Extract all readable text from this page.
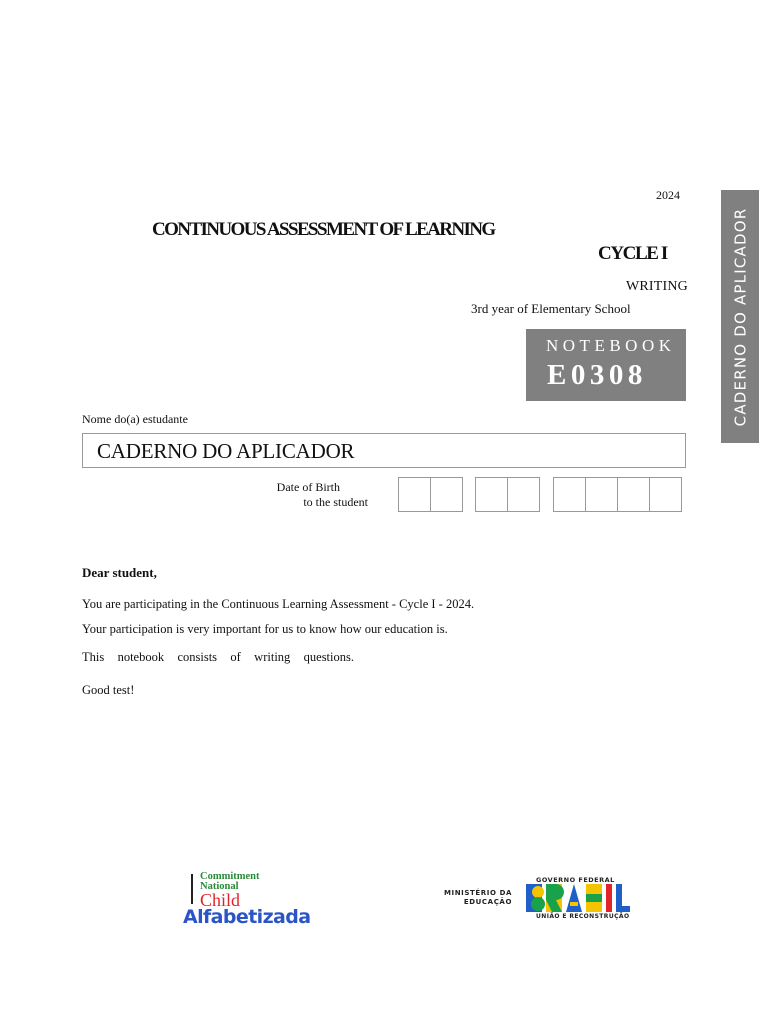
2024
CONTINUOUS ASSESSMENT OF LEARNING
CYCLE I
WRITING
3rd year of Elementary School
NOTEBOOK
E0308	CADERNO DO APLICADOR
Nome do(a) estudante
CADERNO DO APLICADOR
Date of Birth
to the student
Dear student,
You are participating in the Continuous Learning Assessment - Cycle I - 2024.
Your participation is very important for us to know how our education is.
This notebook consists of writing questions.
Good test!
Commitment
National
Child
Alfabetizada
MINISTÉRIO DA
EDUCAÇÃO
GOVERNO FEDERAL
UNIÃO E RECONSTRUÇÃO
